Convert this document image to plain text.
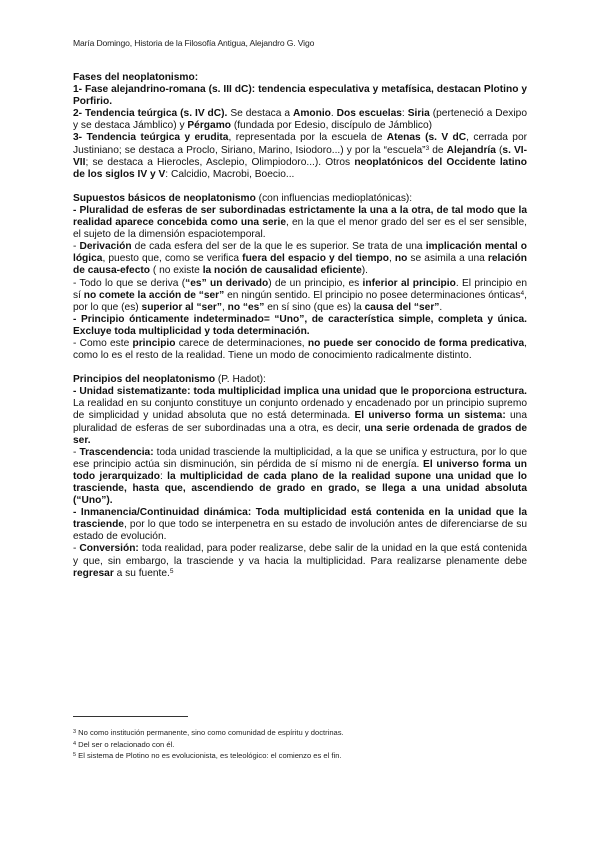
María Domingo, Historia de la Filosofía Antigua, Alejandro G. Vigo

Fases del neoplatonismo:

1- Fase alejandrino-romana (s. III dC): tendencia especulativa y metafísica, destacan Plotino y Porfirio.

2- Tendencia teúrgica (s. IV dC). Se destaca a Amonio. Dos escuelas: Siria (perteneció a Dexipo y se destaca Jámblico) y Pérgamo (fundada por Edesio, discípulo de Jámblico)

3- Tendencia teúrgica y erudita, representada por la escuela de Atenas (s. V dC, cerrada por Justiniano; se destaca a Proclo, Siriano, Marino, Isiodoro...) y por la “escuela”$^3$ de Alejandría (s. VI- VII; se destaca a Hierocles, Asclepio, Olimpiodoro...). Otros neoplatónicos del Occidente latino de los siglos IV y V: Calcidio, Macrobi, Boecio...

Supuestos básicos de neoplatonismo (con influencias medioplatónicas):

- Pluralidad de esferas de ser subordinadas estrictamente la una a la otra, de tal modo que la realidad aparece concebida como una serie, en la que el menor grado del ser es el ser sensible, el sujeto de la dimensión espaciotemporal.

- Derivación de cada esfera del ser de la que le es superior. Se trata de una implicación mental o lógica, puesto que, como se verifica fuera del espacio y del tiempo, no se asimila a una relación de causa-efecto ( no existe la noción de causalidad eficiente).

- Todo lo que se deriva (“es” un derivado) de un principio, es inferior al principio. El principio en sí no comete la acción de “ser” en ningún sentido. El principio no posee determinaciones ónticas$^4$, por lo que (es) superior al “ser”, no “es” en sí sino (que es) la causa del “ser”.

- Principio ónticamente indeterminado= “Uno”, de característica simple, completa y única. Excluye toda multiplicidad y toda determinación.

- Como este principio carece de determinaciones, no puede ser conocido de forma predicativa, como lo es el resto de la realidad. Tiene un modo de conocimiento radicalmente distinto.

Principios del neoplatonismo (P. Hadot):

- Unidad sistematizante: toda multiplicidad implica una unidad que le proporciona estructura. La realidad en su conjunto constituye un conjunto ordenado y encadenado por un principio supremo de simplicidad y unidad absoluta que no está determinada. El universo forma un sistema: una pluralidad de esferas de ser subordinadas una a otra, es decir, una serie ordenada de grados de ser.

- Trascendencia: toda unidad trasciende la multiplicidad, a la que se unifica y estructura, por lo que ese principio actúa sin disminución, sin pérdida de sí mismo ni de energía. El universo forma un todo jerarquizado: la multiplicidad de cada plano de la realidad supone una unidad que lo trasciende, hasta que, ascendiendo de grado en grado, se llega a una unidad absoluta (“Uno”).

- Inmanencia/Continuidad dinámica: Toda multiplicidad está contenida en la unidad que la trasciende, por lo que todo se interpenetra en su estado de involución antes de diferenciarse de su estado de evolución.

- Conversión: toda realidad, para poder realizarse, debe salir de la unidad en la que está contenida y que, sin embargo, la trasciende y va hacia la multiplicidad. Para realizarse plenamente debe regresar a su fuente.$^5$

$^3$ No como institución permanente, sino como comunidad de espíritu y doctrinas.

$^4$ Del ser o relacionado con él.

$^5$ El sistema de Plotino no es evolucionista, es teleológico: el comienzo es el fin.
